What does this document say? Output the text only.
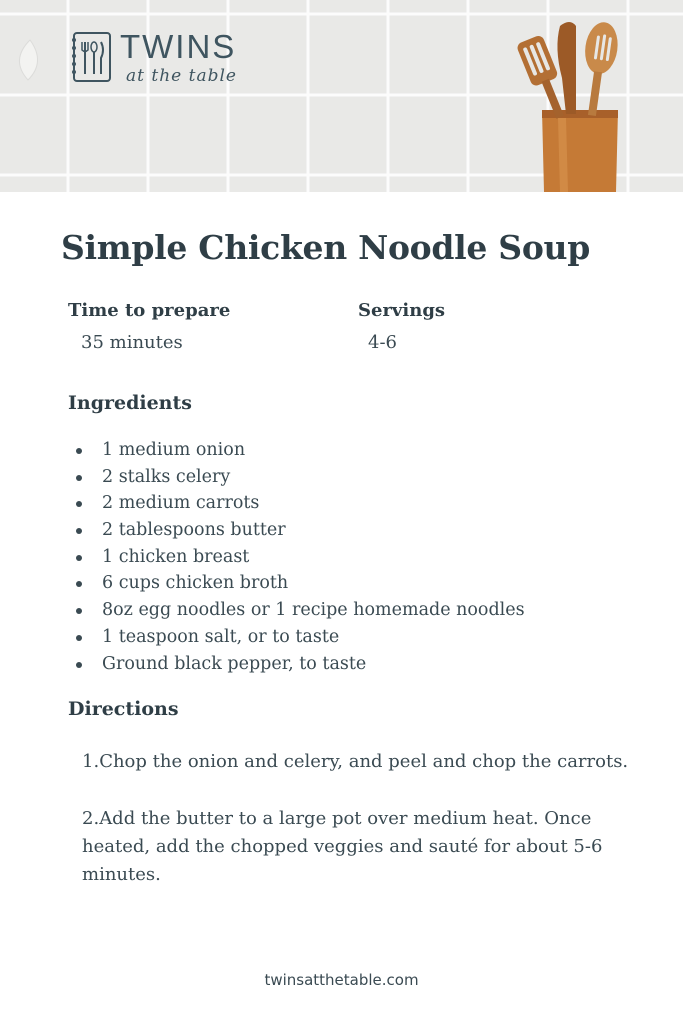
TWINS
at the table
Simple Chicken Noodle Soup
Time to prepare
35 minutes
Servings
4-6
Ingredients
1 medium onion
2 stalks celery
2 medium carrots
2 tablespoons butter
1 chicken breast
6 cups chicken broth
8oz egg noodles or 1 recipe homemade noodles
1 teaspoon salt, or to taste
Ground black pepper, to taste
Directions
1.Chop the onion and celery, and peel and chop the carrots.
2.Add the butter to a large pot over medium heat. Once heated, add the chopped veggies and sauté for about 5-6 minutes.
twinsatthetable.com
